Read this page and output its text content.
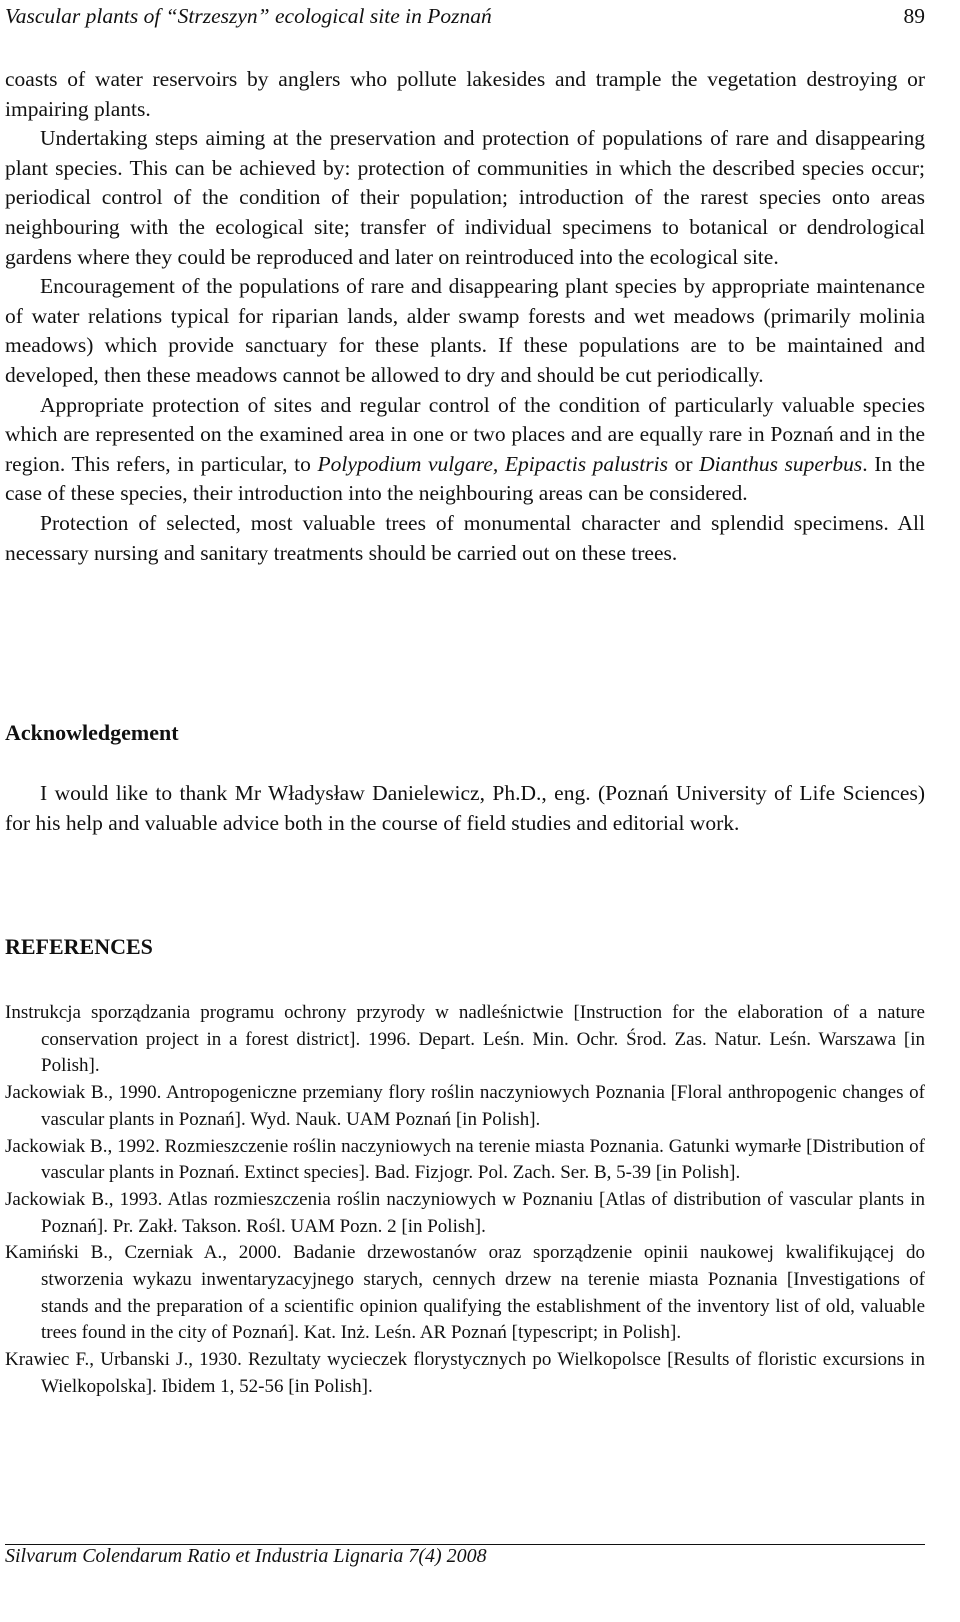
Vascular plants of “Strzeszyn” ecological site in Poznań	89

coasts of water reservoirs by anglers who pollute lakesides and trample the vegetation destroying or impairing plants.

Undertaking steps aiming at the preservation and protection of populations of rare and disappearing plant species. This can be achieved by: protection of communities in which the described species occur; periodical control of the condition of their population; introduction of the rarest species onto areas neighbouring with the ecological site; transfer of individual specimens to botanical or dendrological gardens where they could be reproduced and later on reintroduced into the ecological site.

Encouragement of the populations of rare and disappearing plant species by appropriate maintenance of water relations typical for riparian lands, alder swamp forests and wet meadows (primarily molinia meadows) which provide sanctuary for these plants. If these populations are to be maintained and developed, then these meadows cannot be allowed to dry and should be cut periodically.

Appropriate protection of sites and regular control of the condition of particularly valuable species which are represented on the examined area in one or two places and are equally rare in Poznań and in the region. This refers, in particular, to Polypodium vulgare, Epipactis palustris or Dianthus superbus. In the case of these species, their introduction into the neighbouring areas can be considered.

Protection of selected, most valuable trees of monumental character and splendid specimens. All necessary nursing and sanitary treatments should be carried out on these trees.

Acknowledgement

I would like to thank Mr Władysław Danielewicz, Ph.D., eng. (Poznań University of Life Sciences) for his help and valuable advice both in the course of field studies and editorial work.

REFERENCES

Instrukcja sporządzania programu ochrony przyrody w nadleśnictwie [Instruction for the elaboration of a nature conservation project in a forest district]. 1996. Depart. Leśn. Min. Ochr. Środ. Zas. Natur. Leśn. Warszawa [in Polish].

Jackowiak B., 1990. Antropogeniczne przemiany flory roślin naczyniowych Poznania [Floral anthropogenic changes of vascular plants in Poznań]. Wyd. Nauk. UAM Poznań [in Polish].

Jackowiak B., 1992. Rozmieszczenie roślin naczyniowych na terenie miasta Poznania. Gatunki wymarłe [Distribution of vascular plants in Poznań. Extinct species]. Bad. Fizjogr. Pol. Zach. Ser. B, 5-39 [in Polish].

Jackowiak B., 1993. Atlas rozmieszczenia roślin naczyniowych w Poznaniu [Atlas of distribution of vascular plants in Poznań]. Pr. Zakł. Takson. Rośl. UAM Pozn. 2 [in Polish].

Kamiński B., Czerniak A., 2000. Badanie drzewostanów oraz sporządzenie opinii naukowej kwalifikującej do stworzenia wykazu inwentaryzacyjnego starych, cennych drzew na terenie miasta Poznania [Investigations of stands and the preparation of a scientific opinion qualifying the establishment of the inventory list of old, valuable trees found in the city of Poznań]. Kat. Inż. Leśn. AR Poznań [typescript; in Polish].

Krawiec F., Urbanski J., 1930. Rezultaty wycieczek florystycznych po Wielkopolsce [Results of floristic excursions in Wielkopolska]. Ibidem 1, 52-56 [in Polish].

Silvarum Colendarum Ratio et Industria Lignaria 7(4) 2008
